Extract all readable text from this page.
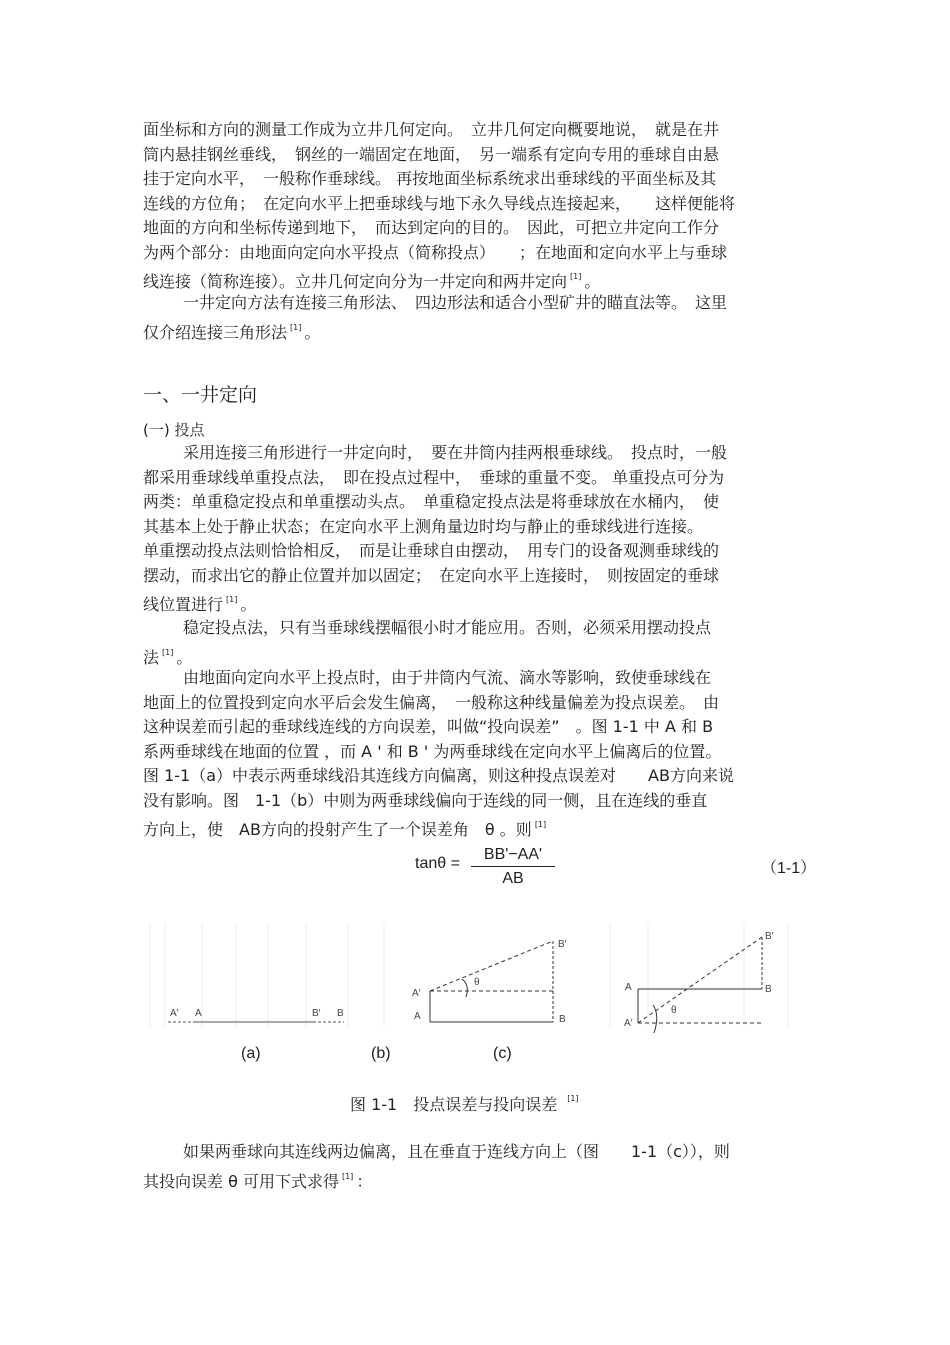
面坐标和方向的测量工作成为立井几何定向。　立井几何定向概要地说，　就是在井
筒内悬挂钢丝垂线，　钢丝的一端固定在地面，　另一端系有定向专用的垂球自由悬
挂于定向水平，　一般称作垂球线。 再按地面坐标系统求出垂球线的平面坐标及其
连线的方位角；　在定向水平上把垂球线与地下永久导线点连接起来，　　这样便能将
地面的方向和坐标传递到地下，　而达到定向的目的。　因此，可把立井定向工作分
为两个部分：由地面向定向水平投点（简称投点）　　；在地面和定向水平上与垂球
线连接（简称连接）。立井几何定向分为一井定向和两井定向 [1] 。

一井定向方法有连接三角形法、　四边形法和适合小型矿井的瞄直法等。　这里
仅介绍连接三角形法 [1] 。

一、一井定向
(一) 投点

采用连接三角形进行一井定向时，　要在井筒内挂两根垂球线。　投点时，一般
都采用垂球线单重投点法，　即在投点过程中，　垂球的重量不变。 单重投点可分为
两类：单重稳定投点和单重摆动头点。　单重稳定投点法是将垂球放在水桶内，　使
其基本上处于静止状态；在定向水平上测角量边时均与静止的垂球线进行连接。
单重摆动投点法则恰恰相反，　而是让垂球自由摆动，　用专门的设备观测垂球线的
摆动，而求出它的静止位置并加以固定；　在定向水平上连接时，　则按固定的垂球
线位置进行 [1] 。

稳定投点法，只有当垂球线摆幅很小时才能应用。否则，必须采用摆动投点
法 [1] 。

由地面向定向水平上投点时，由于井筒内气流、滴水等影响，致使垂球线在
地面上的位置投到定向水平后会发生偏离，　一般称这种线量偏差为投点误差。　由
这种误差而引起的垂球线连线的方向误差，叫做“投向误差”　。图 1-1 中 A 和 B
系两垂球线在地面的位置 ，而 A ' 和 B ' 为两垂球线在定向水平上偏离后的位置。
图 1-1（a）中表示两垂球线沿其连线方向偏离，则这种投点误差对　　AB方向来说
没有影响。图　1-1（b）中则为两垂球线偏向于连线的同一侧，且在连线的垂直
方向上，使　AB方向的投射产生了一个误差角　θ 。则 [1]

$\tan\theta = \frac{BB'-AA'}{AB}$	（1-1）
A′ A	B′ B
θ
A′
A
B′
B
θ
A
A′
B
B′
(a)	(b)	(c)
图 1-1　投点误差与投向误差 [1]

如果两垂球向其连线两边偏离，且在垂直于连线方向上（图　　1-1（c）），则
其投向误差 θ 可用下式求得 [1] ：
